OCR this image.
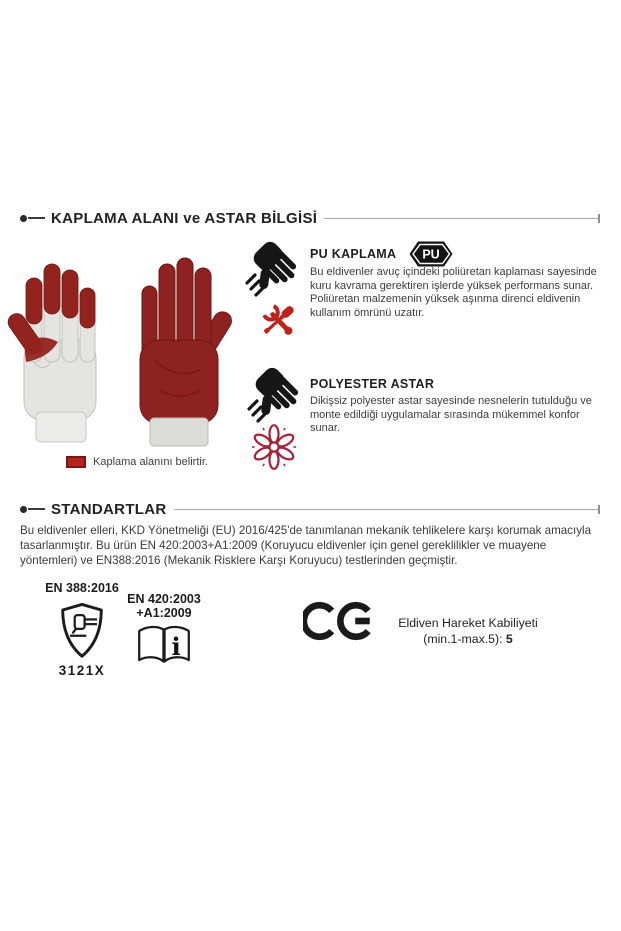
KAPLAMA ALANI ve ASTAR BİLGİSİ
Kaplama alanını belirtir.
PU KAPLAMA PU
Bu eldivenler avuç içindeki poliüretan kaplaması sayesinde kuru kavrama gerektiren işlerde yüksek performans sunar. Poliüretan malzemenin yüksek aşınma direnci eldivenin kullanım ömrünü uzatır.
POLYESTER ASTAR
Dikişsiz polyester astar sayesinde nesnelerin tutulduğu ve monte edildiği uygulamalar sırasında mükemmel konfor sunar.
STANDARTLAR
Bu eldivenler elleri, KKD Yönetmeliği (EU) 2016/425'de tanımlanan mekanik tehlikelere karşı korumak amacıyla tasarlanmıştır. Bu ürün EN 420:2003+A1:2009 (Koruyucu eldivenler için genel gereklilikler ve muayene yöntemleri) ve EN388:2016 (Mekanik Risklere Karşı Koruyucu) testlerinden geçmiştir.
EN 388:2016
3121X
EN 420:2003
+A1:2009
i
Eldiven Hareket Kabiliyeti
(min.1-max.5): 5
